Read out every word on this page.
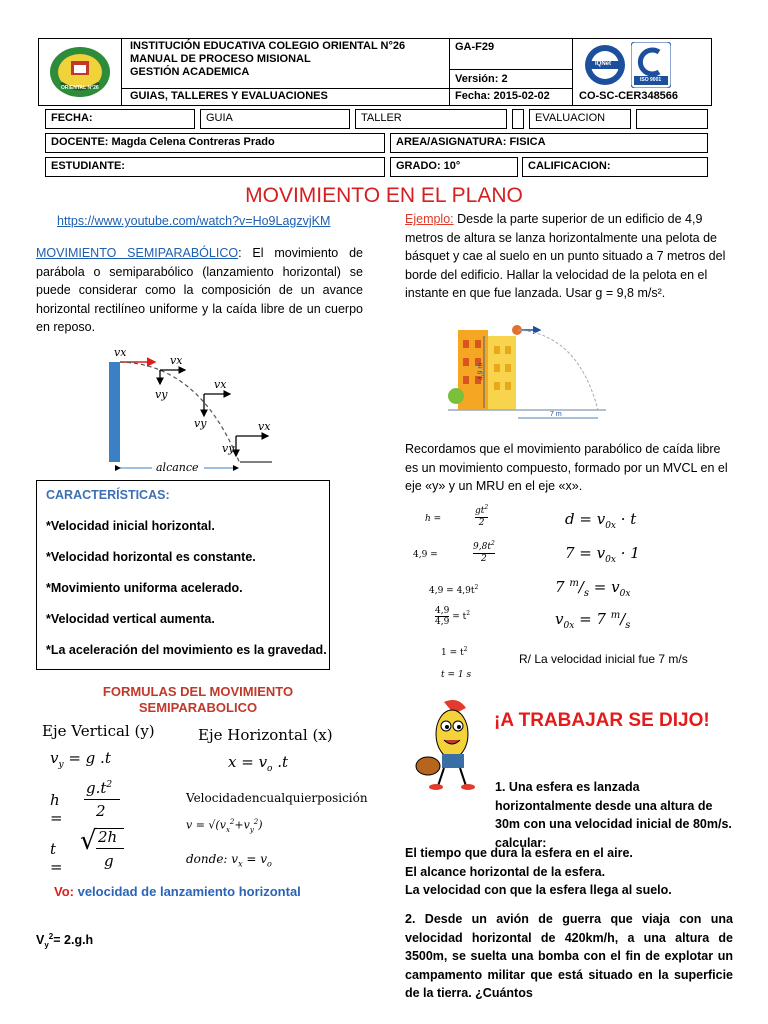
ORIENTAL N°26
INSTITUCIÓN EDUCATIVA COLEGIO ORIENTAL N°26
MANUAL DE PROCESO MISIONAL
GESTIÓN ACADEMICA
GUIAS, TALLERES Y EVALUACIONES
GA-F29
Versión: 2
Fecha: 2015-02-02
IQNet
ISO 9001
CO-SC-CER348566
FECHA:	GUIA	TALLER	EVALUACION
DOCENTE: Magda Celena Contreras Prado	AREA/ASIGNATURA: FISICA
ESTUDIANTE:	GRADO: 10°	CALIFICACION:
MOVIMIENTO EN EL PLANO
https://www.youtube.com/watch?v=Ho9LagzvjKM
MOVIMIENTO SEMIPARABÓLICO: El movimiento de parábola o semiparabólico (lanzamiento horizontal) se puede considerar como la composición de un avance horizontal rectilíneo uniforme y la caída libre de un cuerpo en reposo.
vx
vx
vy
vx
vy	vx
vy
alcance
CARACTERÍSTICAS:
*Velocidad inicial horizontal.
*Velocidad horizontal es constante.
*Movimiento uniforma acelerado.
*Velocidad vertical aumenta.
*La aceleración del movimiento es la gravedad.
FORMULAS DEL MOVIMIENTO
SEMIPARABOLICO
Eje Vertical (y)	Eje Horizontal (x)
$v_y = g$ .t	$x = v_o$ .t
h =
$g.t^2$
2
Velocidadencualquierposición
$v = √(v_x^2+v_y^2)$
t =
√ 2h
g	donde: $v_x = v_o$
Vo: velocidad de lanzamiento horizontal
$V_y^2= 2.g.h$
Ejemplo: Desde la parte superior de un edificio de 4,9 metros de altura se lanza horizontalmente una pelota de básquet y cae al suelo en un punto situado a 7 metros del borde del edificio. Hallar la velocidad de la pelota en el instante en que fue lanzada. Usar g = 9,8 m/s².
4,9 m
7 m
Recordamos que el movimiento parabólico de caída libre es un movimiento compuesto, formado por un MVCL en el eje «y» y un MRU en el eje «x».
h =
$gt^2$
2	$d = v_{0x} \cdot t$
4,9 =
$9,8t^2$
2	$7 = v_{0x} \cdot 1$
$4,9 = 4,9t^2$	7 $^m/_s = v_{0x}$
$\frac{4,9}{4,9} = t^2$	$v_{0x} = 7$ $^m/_s$
$1 = t^2$
R/ La velocidad inicial fue 7 m/s
t = 1 s
¡A TRABAJAR SE DIJO!
1. Una esfera es lanzada horizontalmente desde una altura de 30m con una velocidad inicial de 80m/s. calcular:
El tiempo que dura la esfera en el aire.
El alcance horizontal de la esfera.
La velocidad con que la esfera llega al suelo.
2. Desde un avión de guerra que viaja con una velocidad horizontal de 420km/h, a una altura de 3500m, se suelta una bomba con el fin de explotar un campamento militar que está situado en la superficie de la tierra. ¿Cuántos
